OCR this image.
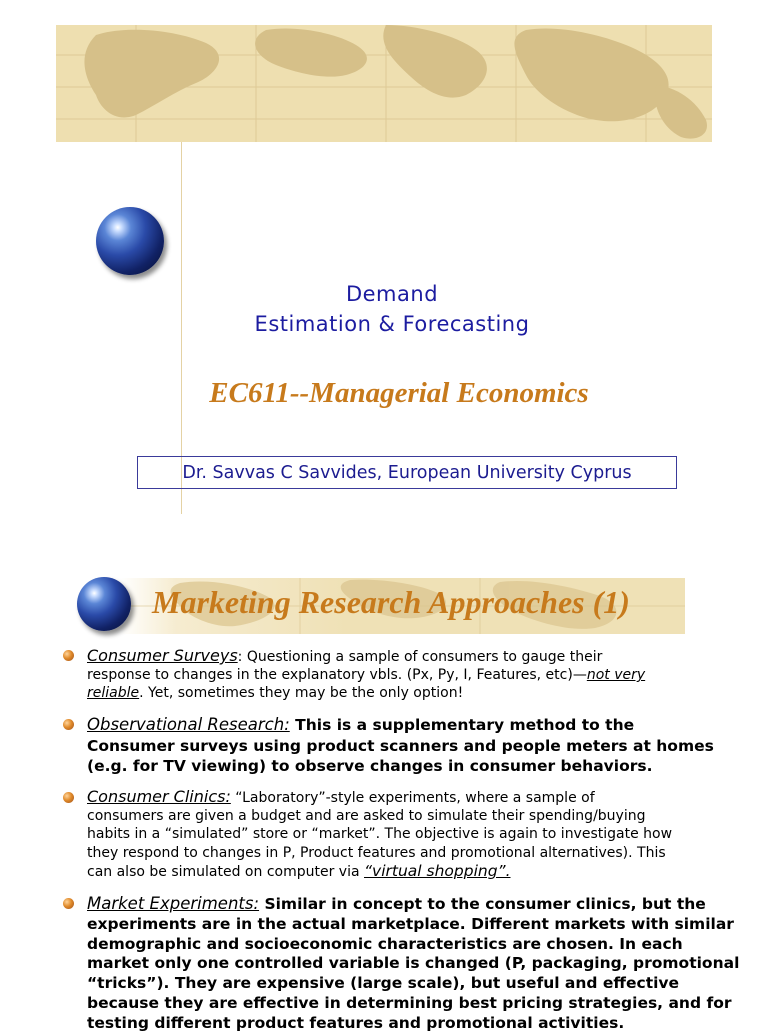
Demand
Estimation & Forecasting
EC611--Managerial Economics
Dr. Savvas C Savvides, European University Cyprus
Marketing Research Approaches (1)

Consumer Surveys: Questioning a sample of consumers to gauge their

response to changes in the explanatory vbls. (Px, Py, I, Features, etc)—not very

reliable. Yet, sometimes they may be the only option!

Observational Research: This is a supplementary method to the

Consumer surveys using product scanners and people meters at homes

(e.g. for TV viewing) to observe changes in consumer behaviors.

Consumer Clinics: “Laboratory”-style experiments, where a sample of

consumers are given a budget and are asked to simulate their spending/buying

habits in a “simulated” store or “market”. The objective is again to investigate how

they respond to changes in P, Product features and promotional alternatives). This

can also be simulated on computer via “virtual shopping”.

Market Experiments: Similar in concept to the consumer clinics, but the

experiments are in the actual marketplace. Different markets with similar

demographic and socioeconomic characteristics are chosen. In each

market only one controlled variable is changed (P, packaging, promotional

“tricks”). They are expensive (large scale), but useful and effective

because they are effective in determining best pricing strategies, and for

testing different product features and promotional activities.
